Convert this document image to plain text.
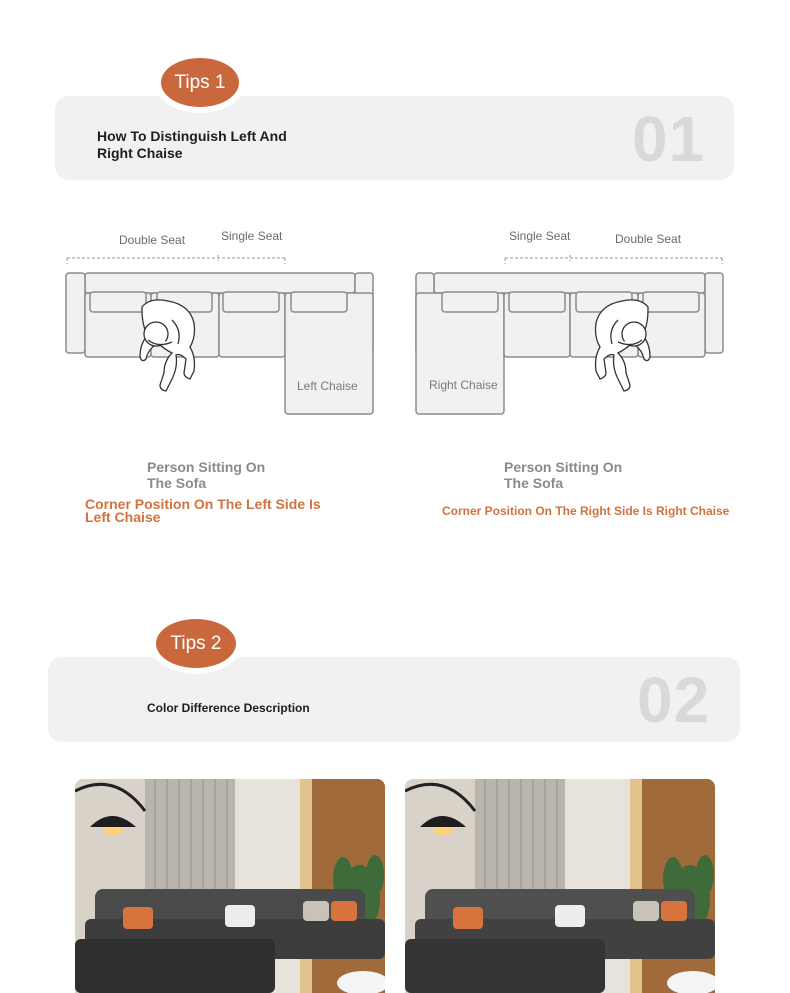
Tips 1
01
How To Distinguish Left And Right Chaise
Double Seat	Single Seat
Left Chaise
Person Sitting On The Sofa
Corner Position On The Left Side Is Left Chaise
Single Seat	Double Seat
Right Chaise
Person Sitting On The Sofa
Corner Position On The Right Side Is Right Chaise
Tips 2
02
Color Difference Description
